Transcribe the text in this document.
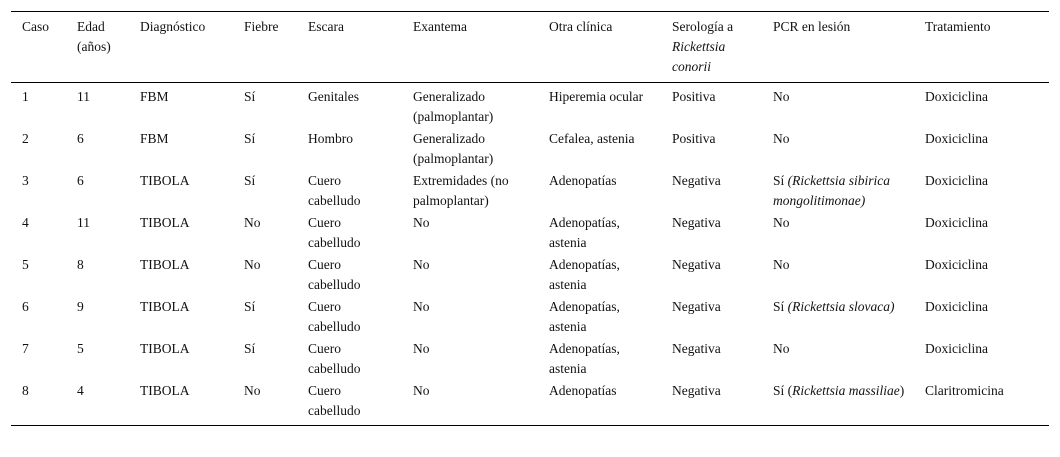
Caso	Edad (años)	Diagnóstico	Fiebre	Escara	Exantema	Otra clínica	Serología a Rickettsia conorii	PCR en lesión	Tratamiento
1	11	FBM	Sí	Genitales	Generalizado (palmoplantar)	Hiperemia ocular	Positiva	No	Doxiciclina
2	6	FBM	Sí	Hombro	Generalizado (palmoplantar)	Cefalea, astenia	Positiva	No	Doxiciclina
3	6	TIBOLA	Sí	Cuero cabelludo	Extremidades (no palmoplantar)	Adenopatías	Negativa	Sí (Rickettsia sibirica mongolitimonae)	Doxiciclina
4	11	TIBOLA	No	Cuero cabelludo	No	Adenopatías, astenia	Negativa	No	Doxiciclina
5	8	TIBOLA	No	Cuero cabelludo	No	Adenopatías, astenia	Negativa	No	Doxiciclina
6	9	TIBOLA	Sí	Cuero cabelludo	No	Adenopatías, astenia	Negativa	Sí (Rickettsia slovaca)	Doxiciclina
7	5	TIBOLA	Sí	Cuero cabelludo	No	Adenopatías, astenia	Negativa	No	Doxiciclina
8	4	TIBOLA	No	Cuero cabelludo	No	Adenopatías	Negativa	Sí (Rickettsia massiliae)	Claritromicina
